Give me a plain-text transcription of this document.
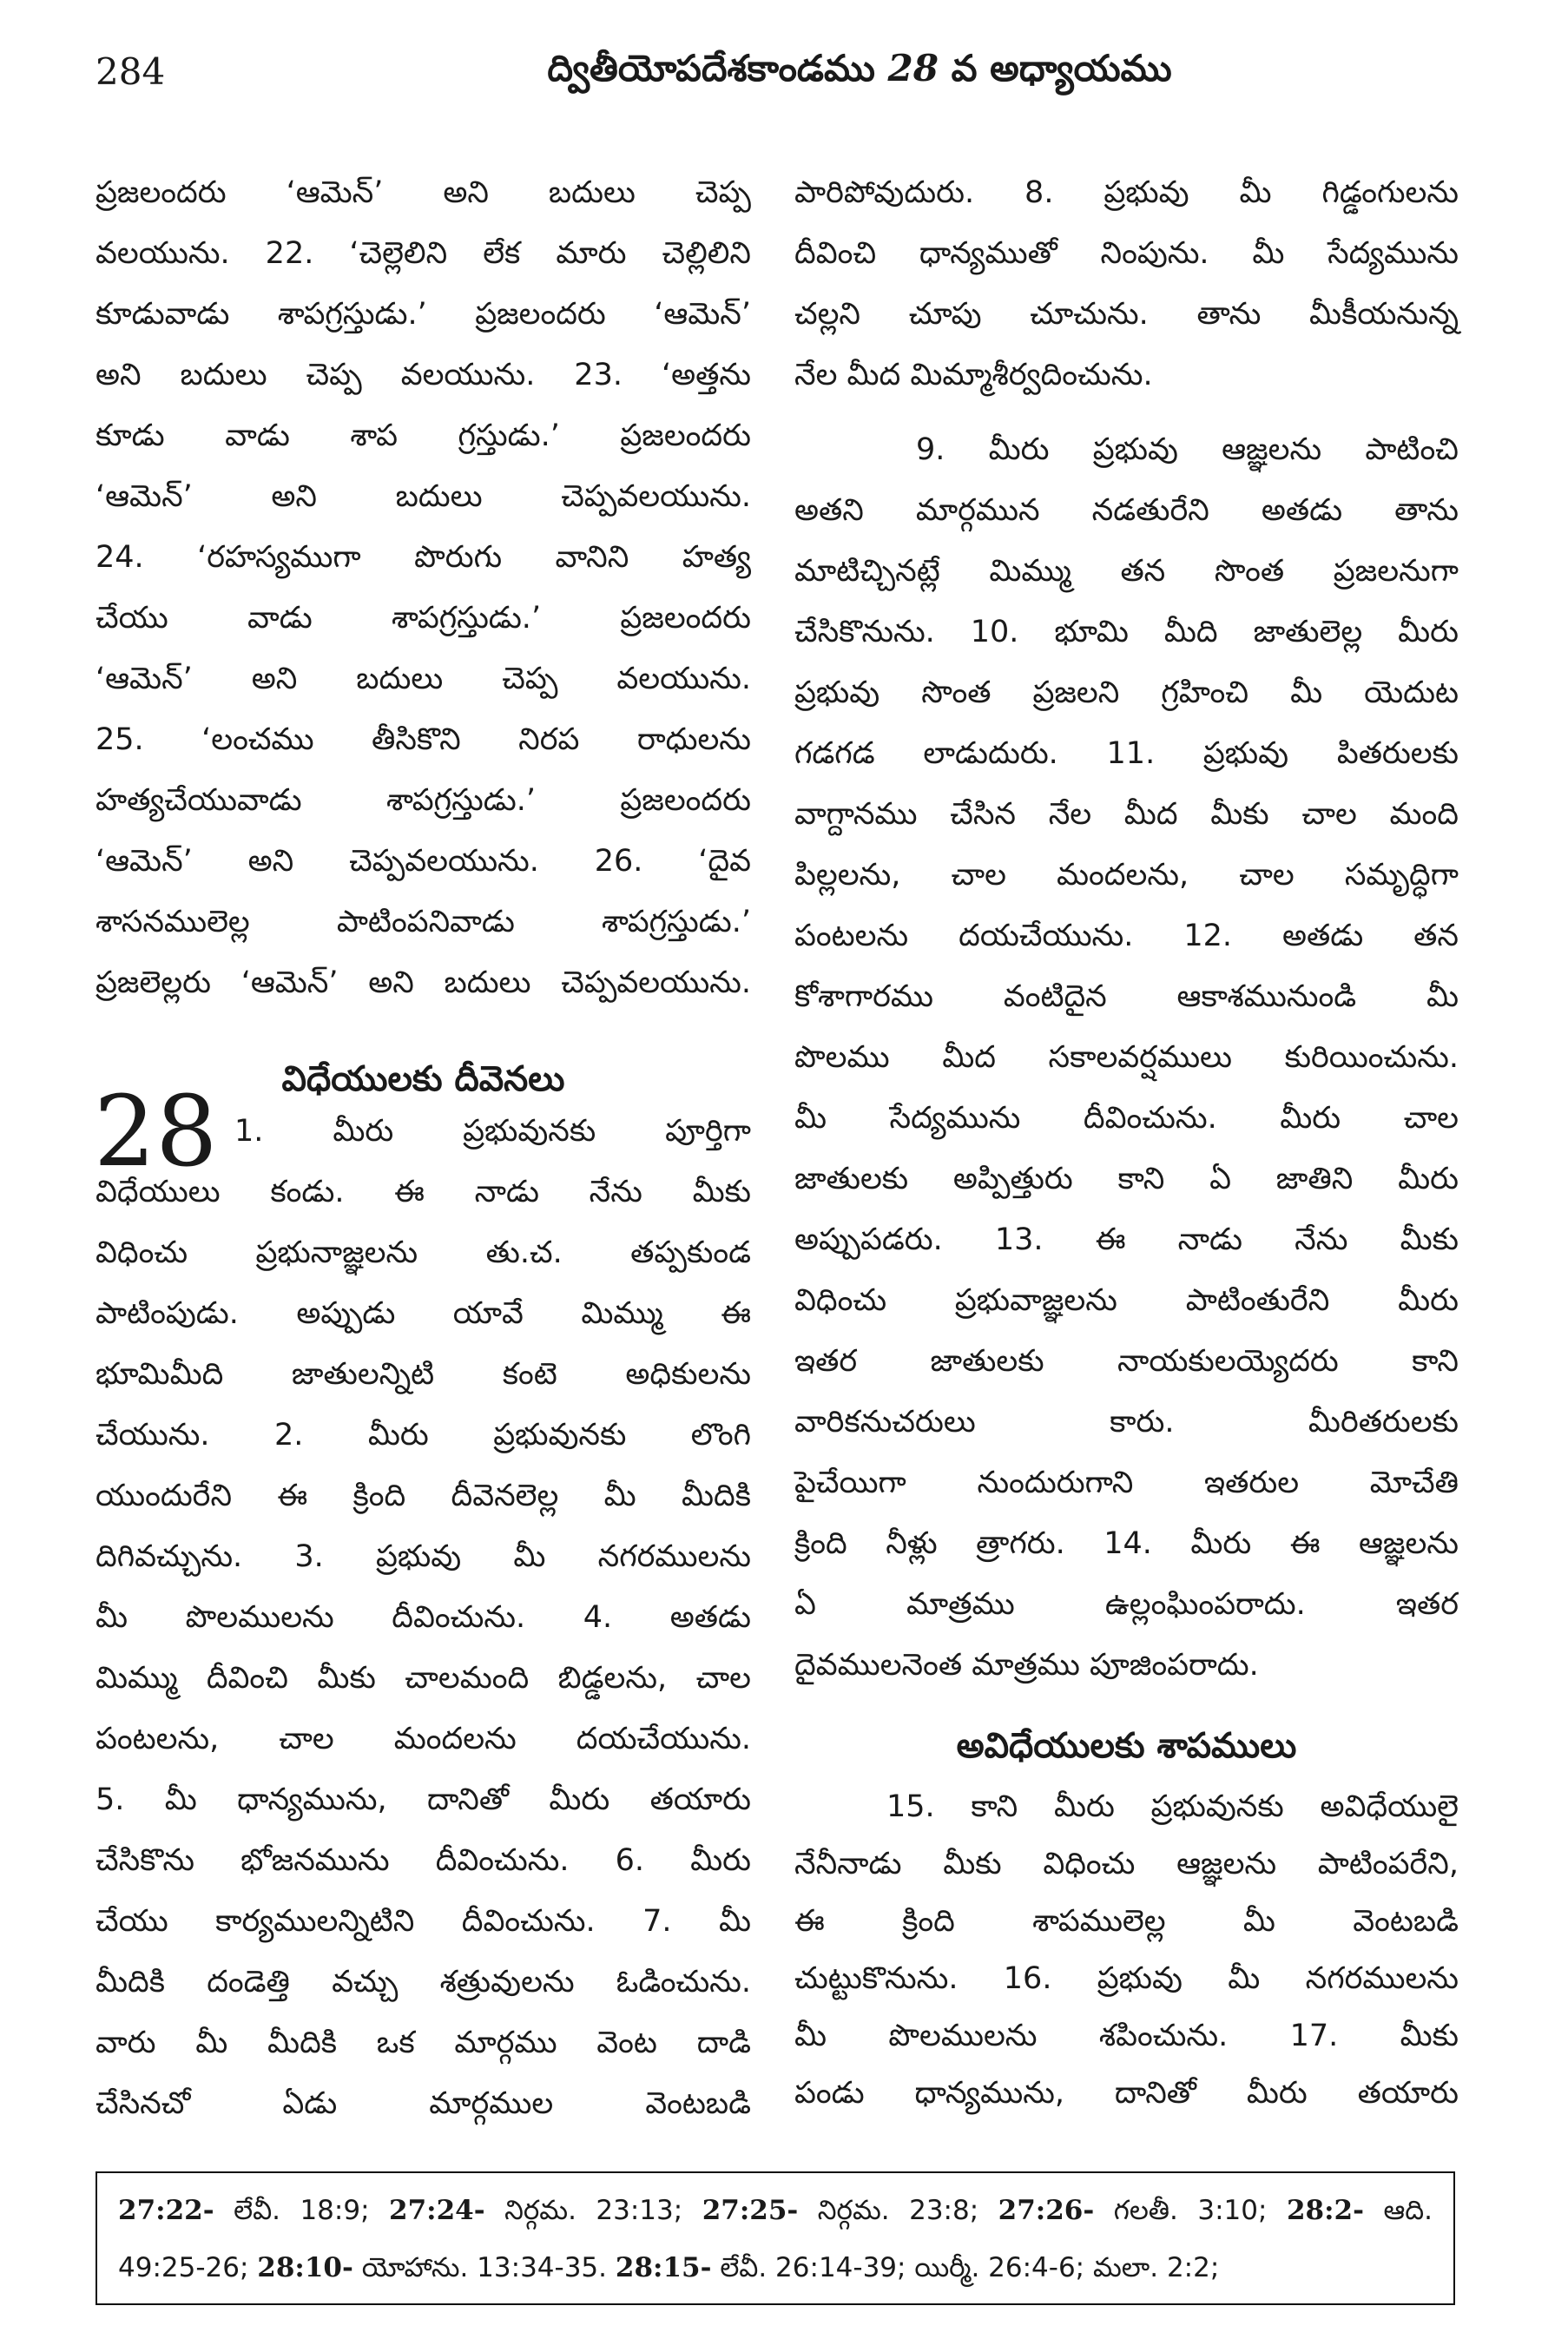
284	ద్వితీయోపదేశకాండము 28 వ అధ్యాయము
ప్రజలందరు ‘ఆమెన్’ అని బదులు చెప్ప
వలయును. 22. ‘చెల్లెలిని లేక మారు చెల్లిలిని
కూడువాడు శాపగ్రస్తుడు.’ ప్రజలందరు ‘ఆమెన్’
అని బదులు చెప్ప వలయును. 23. ‘అత్తను
కూడు వాడు శాప గ్రస్తుడు.’ ప్రజలందరు
‘ఆమెన్’ అని బదులు చెప్పవలయును.
24. ‘రహస్యముగా పొరుగు వానిని హత్య
చేయు వాడు శాపగ్రస్తుడు.’ ప్రజలందరు
‘ఆమెన్’ అని బదులు చెప్ప వలయును.
25. ‘లంచము తీసికొని నిరప రాధులను
హత్యచేయువాడు శాపగ్రస్తుడు.’ ప్రజలందరు
‘ఆమెన్’ అని చెప్పవలయును. 26. ‘దైవ
శాసనములెల్ల పాటింపనివాడు శాపగ్రస్తుడు.’
ప్రజలెల్లరు ‘ఆమెన్’ అని బదులు చెప్పవలయును.
విధేయులకు దీవెనలు
28 1. మీరు ప్రభువునకు పూర్తిగా
విధేయులు కండు. ఈ నాడు నేను మీకు
విధించు ప్రభునాజ్ఞలను తు.చ. తప్పకుండ
పాటింపుడు. అప్పుడు యావే మిమ్ము ఈ
భూమిమీది జాతులన్నిటి కంటె అధికులను
చేయును. 2. మీరు ప్రభువునకు లొంగి
యుందురేని ఈ క్రింది దీవెనలెల్ల మీ మీదికి
దిగివచ్చును. 3. ప్రభువు మీ నగరములను
మీ పొలములను దీవించును. 4. అతడు
మిమ్ము దీవించి మీకు చాలమంది బిడ్డలను, చాల
పంటలను, చాల మందలను దయచేయును.
5. మీ ధాన్యమును, దానితో మీరు తయారు
చేసికొను భోజనమును దీవించును. 6. మీరు
చేయు కార్యములన్నిటిని దీవించును. 7. మీ
మీదికి దండెత్తి వచ్చు శత్రువులను ఓడించును.
వారు మీ మీదికి ఒక మార్గము వెంట దాడి
చేసినచో ఏడు మార్గముల వెంటబడి
పారిపోవుదురు. 8. ప్రభువు మీ గిడ్డంగులను
దీవించి ధాన్యముతో నింపును. మీ సేద్యమును
చల్లని చూపు చూచును. తాను మీకీయనున్న
నేల మీద మిమ్మాశీర్వదించును.
9. మీరు ప్రభువు ఆజ్ఞలను పాటించి
అతని మార్గమున నడతురేని అతడు తాను
మాటిచ్చినట్లే మిమ్ము తన సొంత ప్రజలనుగా
చేసికొనును. 10. భూమి మీది జాతులెల్ల మీరు
ప్రభువు సొంత ప్రజలని గ్రహించి మీ యెదుట
గడగడ లాడుదురు. 11. ప్రభువు పితరులకు
వాగ్దానము చేసిన నేల మీద మీకు చాల మంది
పిల్లలను, చాల మందలను, చాల సమృద్ధిగా
పంటలను దయచేయును. 12. అతడు తన
కోశాగారము వంటిదైన ఆకాశమునుండి మీ
పొలము మీద సకాలవర్షములు కురియించును.
మీ సేద్యమును దీవించును. మీరు చాల
జాతులకు అప్పిత్తురు కాని ఏ జాతిని మీరు
అప్పుపడరు. 13. ఈ నాడు నేను మీకు
విధించు ప్రభువాజ్ఞలను పాటింతురేని మీరు
ఇతర జాతులకు నాయకులయ్యెదరు కాని
వారికనుచరులు కారు. మీరితరులకు
పైచేయిగా నుందురుగాని ఇతరుల మోచేతి
క్రింది నీళ్లు త్రాగరు. 14. మీరు ఈ ఆజ్ఞలను
ఏ మాత్రము ఉల్లంఘింపరాదు. ఇతర
దైవములనెంత మాత్రము పూజింపరాదు.
అవిధేయులకు శాపములు
15. కాని మీరు ప్రభువునకు అవిధేయులై
నేనీనాడు మీకు విధించు ఆజ్ఞలను పాటింపరేని,
ఈ క్రింది శాపములెల్ల మీ వెంటబడి
చుట్టుకొనును. 16. ప్రభువు మీ నగరములను
మీ పొలములను శపించును. 17. మీకు
పండు ధాన్యమును, దానితో మీరు తయారు
27:22- లేవీ. 18:9; 27:24- నిర్గమ. 23:13; 27:25- నిర్గమ. 23:8; 27:26- గలతీ. 3:10; 28:2- ఆది.
49:25-26; 28:10- యోహాను. 13:34-35. 28:15- లేవీ. 26:14-39; యిర్మీ. 26:4-6; మలా. 2:2;
